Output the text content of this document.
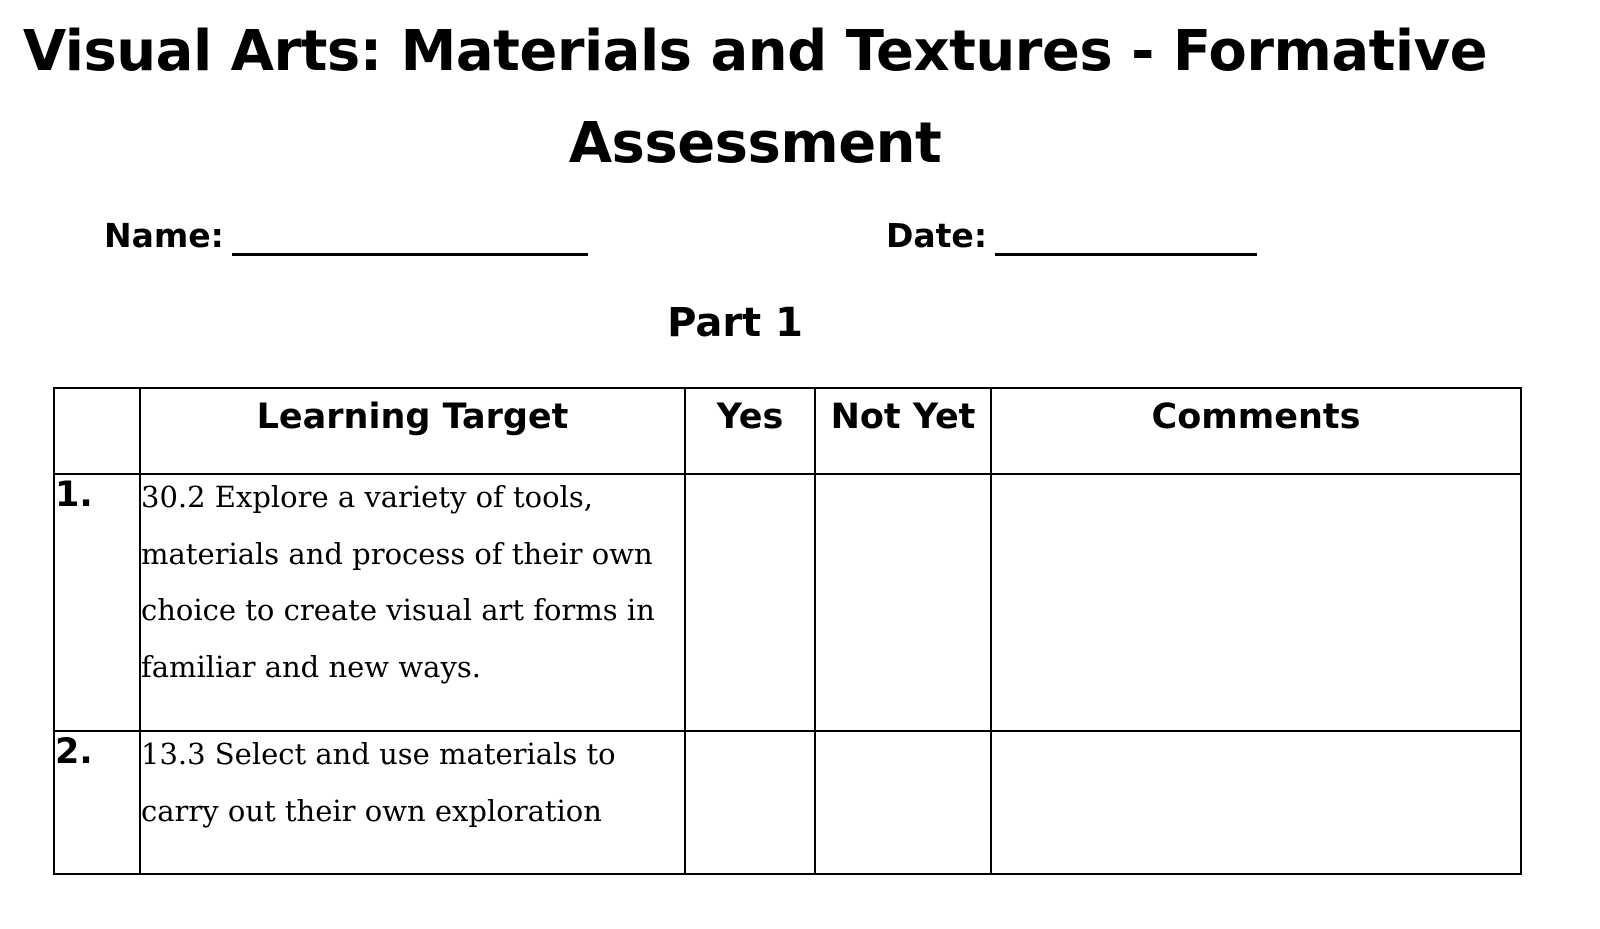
Visual Arts: Materials and Textures - Formative
Assessment
Name:	Date:
Part 1
	Learning Target	Yes	Not Yet	Comments
1.	30.2 Explore a variety of tools, materials and process of their own choice to create visual art forms in familiar and new ways.			

2.	13.3 Select and use materials to carry out their own exploration			
